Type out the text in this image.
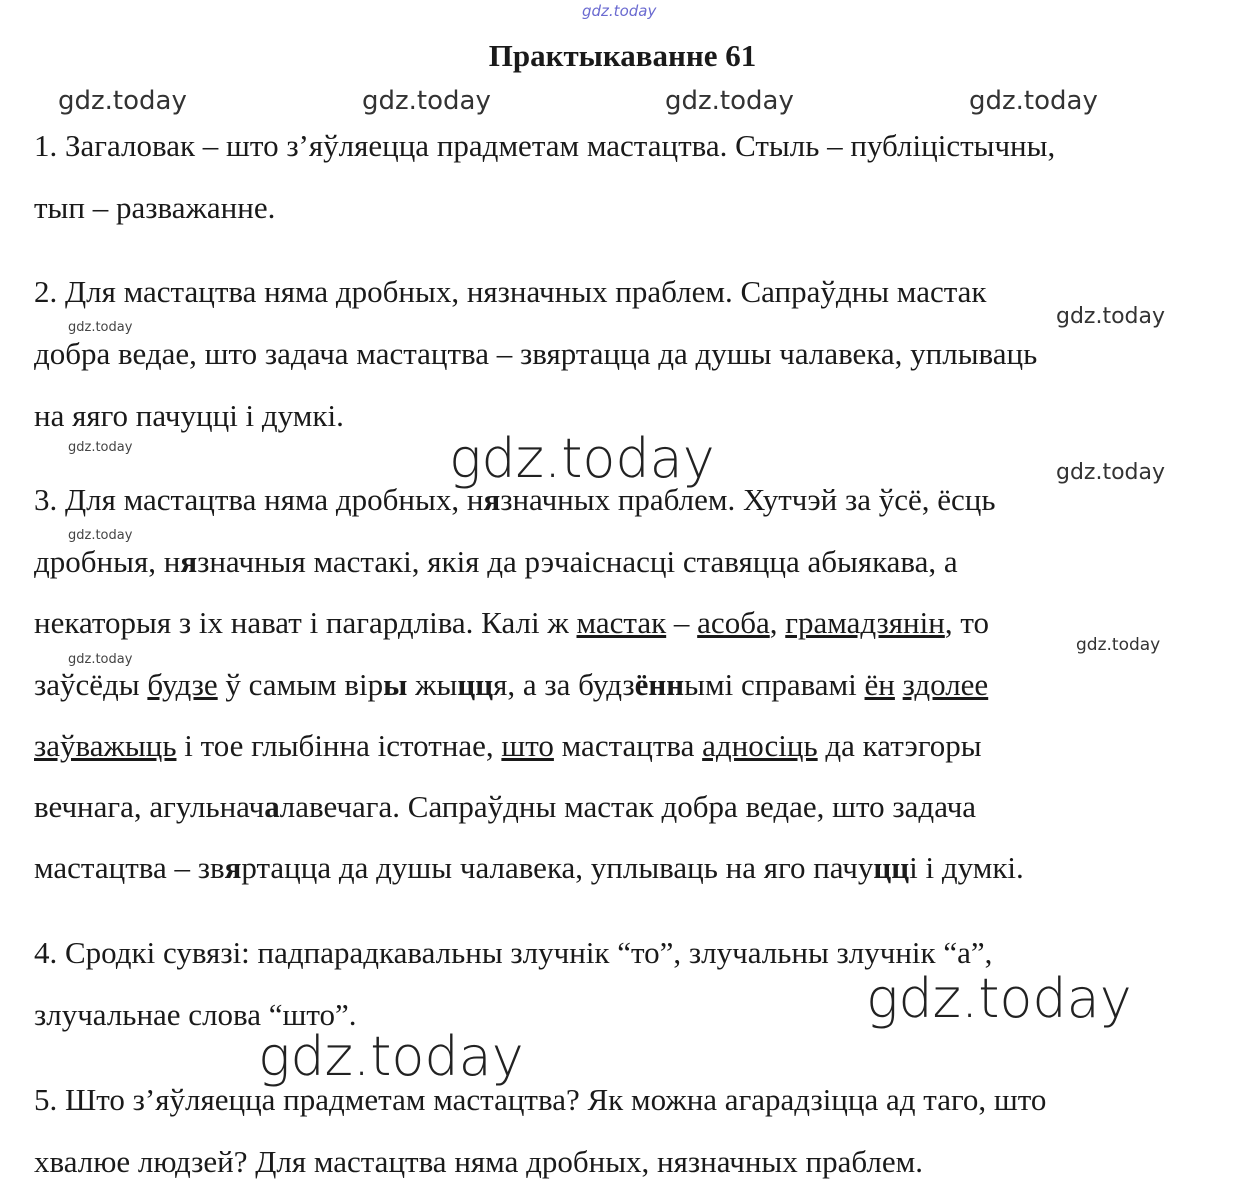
gdz.today
gdz.today	gdz.today	gdz.today	gdz.today
gdz.today
gdz.today
gdz.today
gdz.today
gdz.today
gdz.today
gdz.today
gdz.today
gdz.today
gdz.today
Практыкаванне 61
1. Загаловак – што з’яўляецца прадметам мастацтва. Стыль – публіцістычны,
тып – разважанне.
2. Для мастацтва няма дробных, нязначных праблем. Сапраўдны мастак
добра ведае, што задача мастацтва – звяртацца да душы чалавека, уплываць
на яяго пачуцці і думкі.
3. Для мастацтва няма дробных, нязначных праблем. Хутчэй за ўсё, ёсць
дробныя, нязначныя мастакі, якія да рэчаіснасці ставяцца абыякава, а
некаторыя з іх нават і пагардліва. Калі ж мастак – асоба, грамадзянін, то
заўсёды будзе ў самым віры жыцця, а за будзённымі справамі ён здолее
заўважыць і тое глыбінна істотнае, што мастацтва адносіць да катэгоры
вечнага, агульначалавечага. Сапраўдны мастак добра ведае, што задача
мастацтва – звяртацца да душы чалавека, уплываць на яго пачуцці і думкі.
4. Сродкі сувязі: падпарадкавальны злучнік “то”, злучальны злучнік “а”,
злучальнае слова “што”.
5. Што з’яўляецца прадметам мастацтва? Як можна агарадзіцца ад таго, што
хвалюе людзей? Для мастацтва няма дробных, нязначных праблем.
